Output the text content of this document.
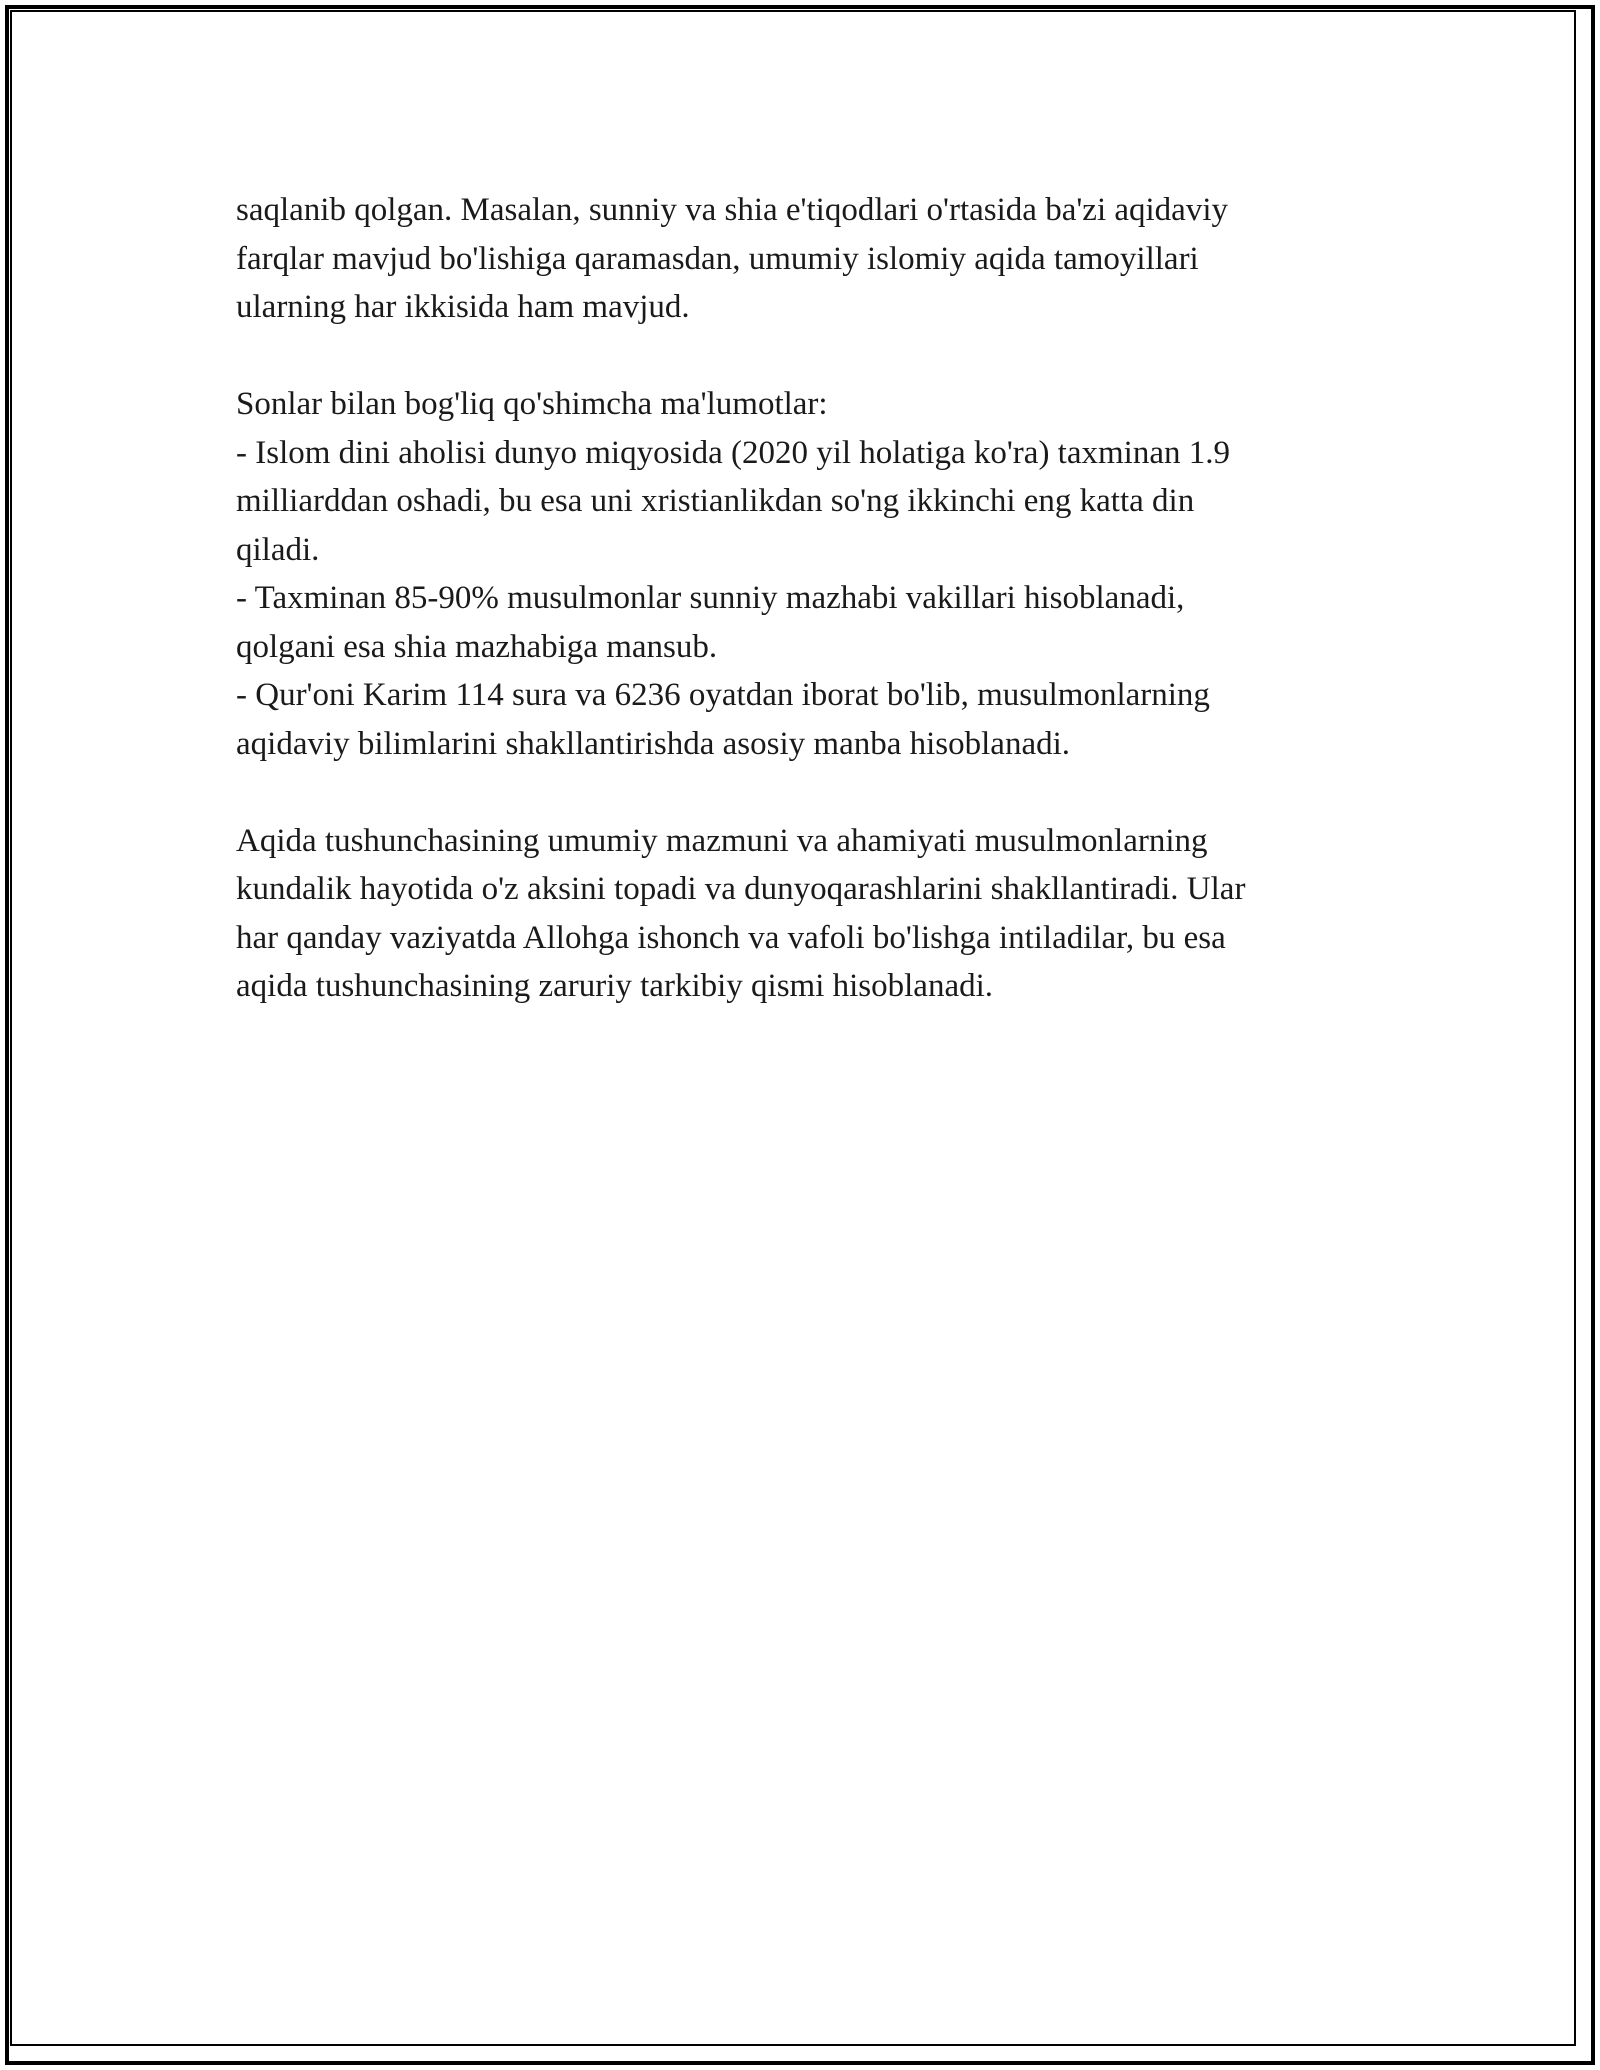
saqlanib qolgan. Masalan, sunniy va shia e'tiqodlari o'rtasida ba'zi aqidaviy
farqlar mavjud bo'lishiga qaramasdan, umumiy islomiy aqida tamoyillari
ularning har ikkisida ham mavjud.

Sonlar bilan bog'liq qo'shimcha ma'lumotlar:
- Islom dini aholisi dunyo miqyosida (2020 yil holatiga ko'ra) taxminan 1.9
milliarddan oshadi, bu esa uni xristianlikdan so'ng ikkinchi eng katta din
qiladi.
- Taxminan 85-90% musulmonlar sunniy mazhabi vakillari hisoblanadi,
qolgani esa shia mazhabiga mansub.
- Qur'oni Karim 114 sura va 6236 oyatdan iborat bo'lib, musulmonlarning
aqidaviy bilimlarini shakllantirishda asosiy manba hisoblanadi.

Aqida tushunchasining umumiy mazmuni va ahamiyati musulmonlarning
kundalik hayotida o'z aksini topadi va dunyoqarashlarini shakllantiradi. Ular
har qanday vaziyatda Allohga ishonch va vafoli bo'lishga intiladilar, bu esa
aqida tushunchasining zaruriy tarkibiy qismi hisoblanadi.
